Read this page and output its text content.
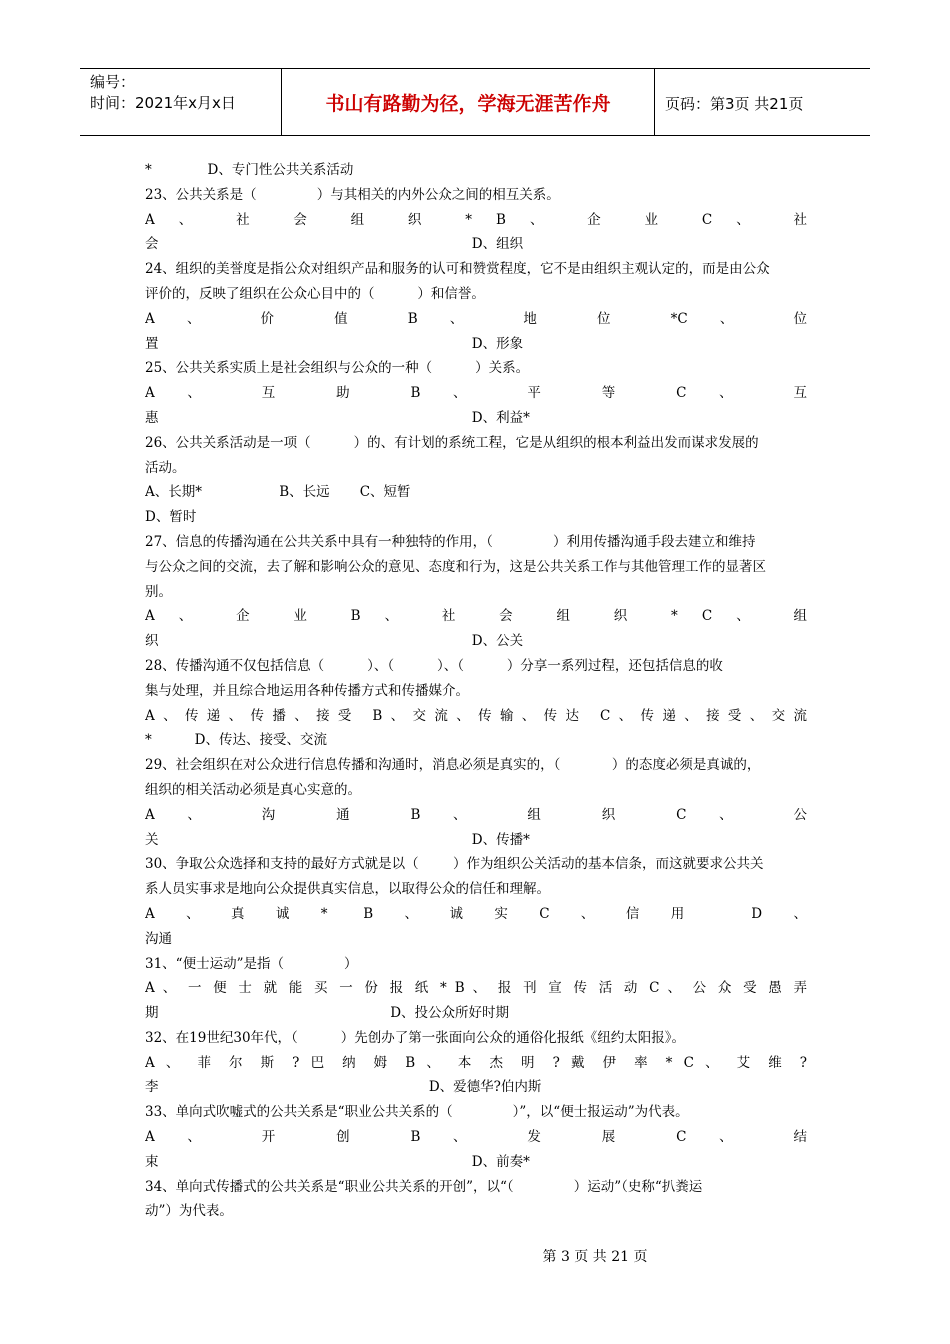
编号：
时间：2021年x月x日	书山有路勤为径，学海无涯苦作舟	页码：第3页 共21页
*             D、专门性公共关系活动
23、公共关系是（              ）与其相关的内外公众之间的相互关系。
A 、 社 会 组 织 * B 、 企 业 C 、 社
会                                                                         D、组织
24、组织的美誉度是指公众对组织产品和服务的认可和赞赏程度，它不是由组织主观认定的，而是由公众
评价的，反映了组织在公众心目中的（          ）和信誉。
A 、 价 值 B 、 地 位 *C 、 位
置                                                                         D、形象
25、公共关系实质上是社会组织与公众的一种（          ）关系。
A 、 互 助 B 、 平 等 C 、 互
惠                                                                         D、利益*
26、公共关系活动是一项（          ）的、有计划的系统工程，它是从组织的根本利益出发而谋求发展的
活动。
A、长期*                  B、长远       C、短暂
D、暂时
27、信息的传播沟通在公共关系中具有一种独特的作用，（              ）利用传播沟通手段去建立和维持
与公众之间的交流，去了解和影响公众的意见、态度和行为，这是公共关系工作与其他管理工作的显著区
别。
A 、 企 业 B 、 社 会 组 织 * C 、 组
织                                                                         D、公关
28、传播沟通不仅包括信息（          ）、（          ）、（          ）分享一系列过程，还包括信息的收
集与处理，并且综合地运用各种传播方式和传播媒介。
A、传递、传播、接受 B、交流、传输、传达 C、传递、接受、交流
*          D、传达、接受、交流
29、社会组织在对公众进行信息传播和沟通时，消息必须是真实的，（            ）的态度必须是真诚的，
组织的相关活动必须是真心实意的。
A 、 沟 通 B 、 组 织 C 、 公
关                                                                         D、传播*
30、争取公众选择和支持的最好方式就是以（        ）作为组织公关活动的基本信条，而这就要求公共关
系人员实事求是地向公众提供真实信息，以取得公众的信任和理解。
A、真诚* B、诚实C、信用 D、
沟通
31、“便士运动”是指（              ）
A 、 一 便 士 就 能 买 一 份 报 纸 * B 、 报 刊 宣 传 活 动 C 、 公 众 受 愚 弄
期                                                      D、投公众所好时期
32、在19世纪30年代，（          ）先创办了第一张面向公众的通俗化报纸《纽约太阳报》。
A 、 菲 尔 斯 ? 巴 纳 姆 B 、 本 杰 明 ? 戴 伊 率 * C 、 艾 维 ?
李                                                               D、爱德华?伯内斯
33、单向式吹嘘式的公共关系是“职业公共关系的（              ）”，以“便士报运动”为代表。
A 、 开 创 B 、 发 展 C 、 结
束                                                                         D、前奏*
34、单向式传播式的公共关系是“职业公共关系的开创”，以“（              ）运动”（史称“扒粪运
动”）为代表。
第 3 页 共 21 页
